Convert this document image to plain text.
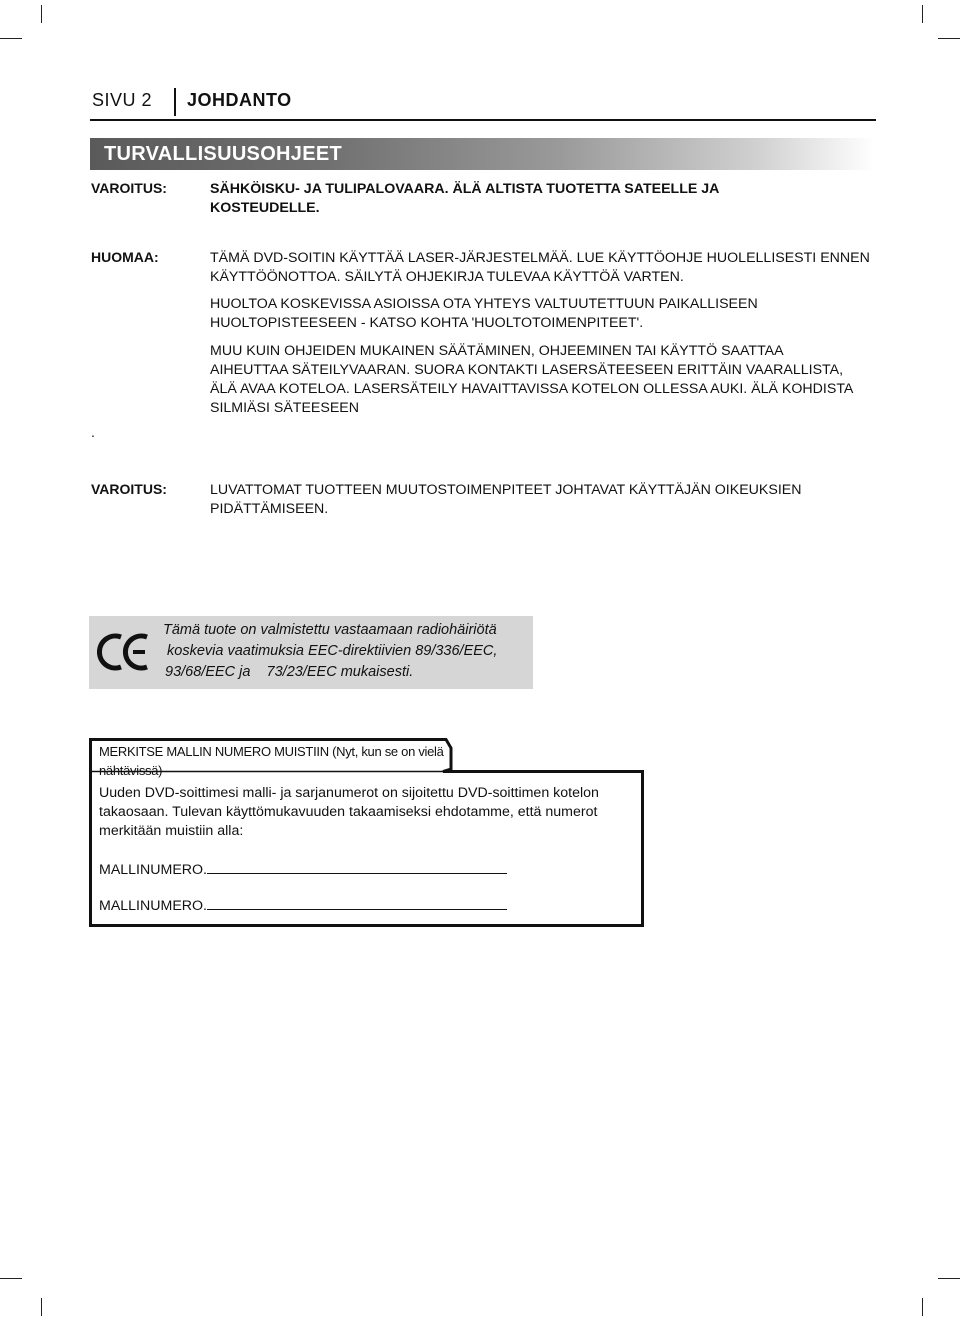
SIVU 2 JOHDANTO
TURVALLISUUSOHJEET
VAROITUS:	SÄHKÖISKU- JA TULIPALOVAARA. ÄLÄ ALTISTA TUOTETTA SATEELLE JA KOSTEUDELLE.
HUOMAA:	TÄMÄ DVD-SOITIN KÄYTTÄÄ LASER-JÄRJESTELMÄÄ. LUE KÄYTTÖOHJE HUOLELLISESTI ENNEN KÄYTTÖÖNOTTOA. SÄILYTÄ OHJEKIRJA TULEVAA KÄYTTÖÄ VARTEN.
HUOLTOA KOSKEVISSA ASIOISSA OTA YHTEYS VALTUUTETTUUN PAIKALLISEEN HUOLTOPISTEESEEN - KATSO KOHTA 'HUOLTOTOIMENPITEET'.
MUU KUIN OHJEIDEN MUKAINEN SÄÄTÄMINEN, OHJEEMINEN TAI KÄYTTÖ SAATTAA AIHEUTTAA SÄTEILYVAARAN. SUORA KONTAKTI LASERSÄTEESEEN ERITTÄIN VAARALLISTA, ÄLÄ AVAA KOTELOA. LASERSÄTEILY HAVAITTAVISSA KOTELON OLLESSA AUKI. ÄLÄ KOHDISTA SILMIÄSI SÄTEESEEN
.
VAROITUS:	LUVATTOMAT TUOTTEEN MUUTOSTOIMENPITEET JOHTAVAT KÄYTTÄJÄN OIKEUKSIEN PIDÄTTÄMISEEN.
Tämä tuote on valmistettu vastaamaan radiohäiriötä
koskevia vaatimuksia EEC-direktiivien 89/336/EEC,
93/68/EEC ja    73/23/EEC mukaisesti.
MERKITSE MALLIN NUMERO MUISTIIN (Nyt, kun se on vielä nähtävissä)
Uuden DVD-soittimesi malli- ja sarjanumerot on sijoitettu DVD-soittimen kotelon takaosaan. Tulevan käyttömukavuuden takaamiseksi ehdotamme, että numerot merkitään muistiin alla:
MALLINUMERO.
MALLINUMERO.
